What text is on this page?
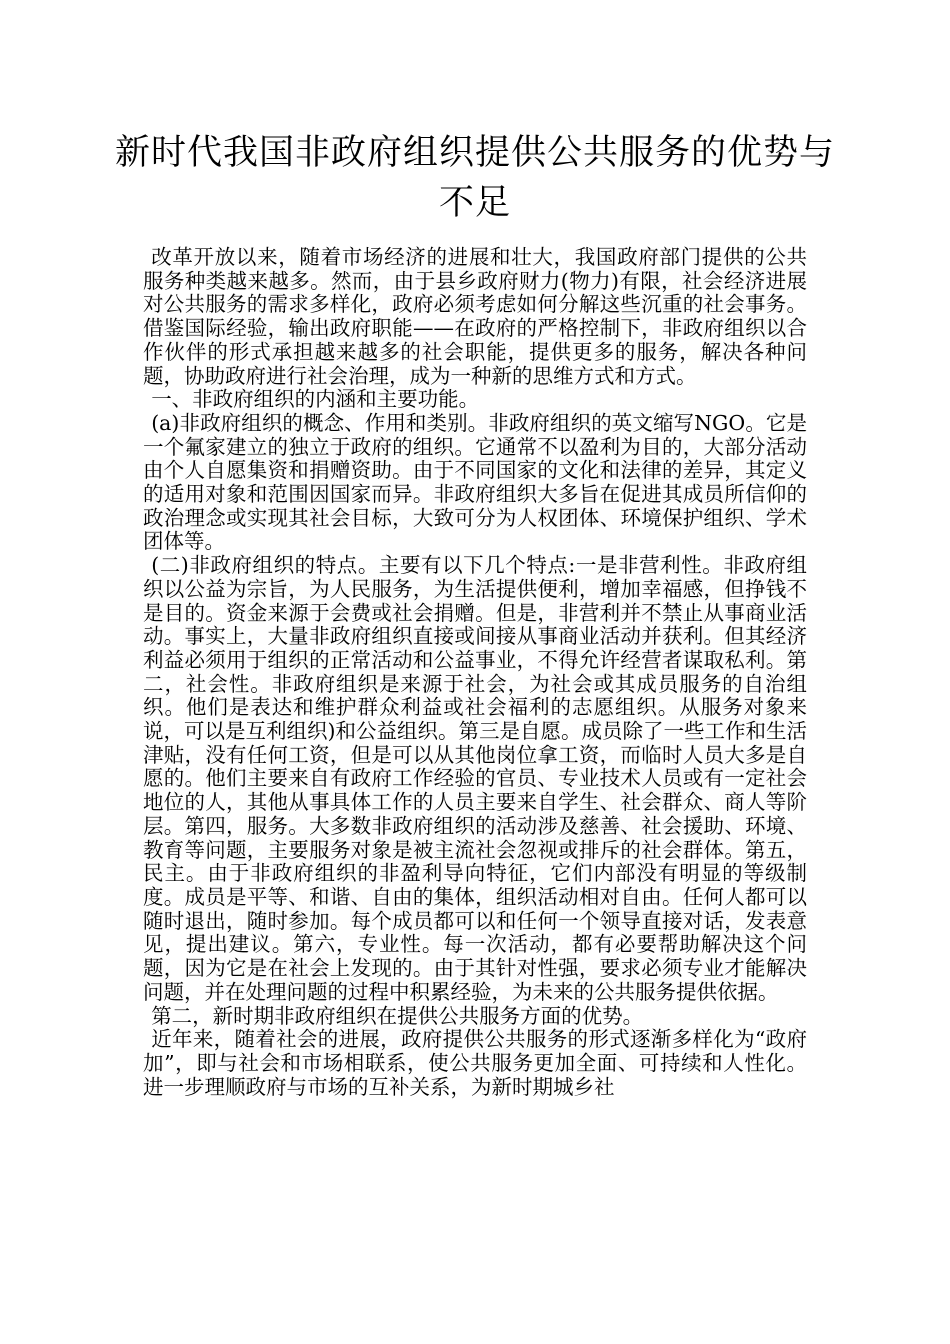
新时代我国非政府组织提供公共服务的优势与不足

改革开放以来，随着市场经济的进展和壮大，我国政府部门提供的公共服务种类越来越多。然而，由于县乡政府财力(物力)有限，社会经济进展对公共服务的需求多样化，政府必须考虑如何分解这些沉重的社会事务。借鉴国际经验，输出政府职能——在政府的严格控制下，非政府组织以合作伙伴的形式承担越来越多的社会职能，提供更多的服务，解决各种问题，协助政府进行社会治理，成为一种新的思维方式和方式。

一、非政府组织的内涵和主要功能。

(a)非政府组织的概念、作用和类别。非政府组织的英文缩写NGO。它是一个氟家建立的独立于政府的组织。它通常不以盈利为目的，大部分活动由个人自愿集资和捐赠资助。由于不同国家的文化和法律的差异，其定义的适用对象和范围因国家而异。非政府组织大多旨在促进其成员所信仰的政治理念或实现其社会目标，大致可分为人权团体、环境保护组织、学术团体等。

(二)非政府组织的特点。主要有以下几个特点:一是非营利性。非政府组织以公益为宗旨，为人民服务，为生活提供便利，增加幸福感，但挣钱不是目的。资金来源于会费或社会捐赠。但是，非营利并不禁止从事商业活动。事实上，大量非政府组织直接或间接从事商业活动并获利。但其经济利益必须用于组织的正常活动和公益事业，不得允许经营者谋取私利。第二，社会性。非政府组织是来源于社会，为社会或其成员服务的自治组织。他们是表达和维护群众利益或社会福利的志愿组织。从服务对象来说，可以是互利组织)和公益组织。第三是自愿。成员除了一些工作和生活津贴，没有任何工资，但是可以从其他岗位拿工资，而临时人员大多是自愿的。他们主要来自有政府工作经验的官员、专业技术人员或有一定社会地位的人，其他从事具体工作的人员主要来自学生、社会群众、商人等阶层。第四，服务。大多数非政府组织的活动涉及慈善、社会援助、环境、教育等问题，主要服务对象是被主流社会忽视或排斥的社会群体。第五，民主。由于非政府组织的非盈利导向特征，它们内部没有明显的等级制度。成员是平等、和谐、自由的集体，组织活动相对自由。任何人都可以随时退出，随时参加。每个成员都可以和任何一个领导直接对话，发表意见，提出建议。第六，专业性。每一次活动，都有必要帮助解决这个问题，因为它是在社会上发现的。由于其针对性强，要求必须专业才能解决问题，并在处理问题的过程中积累经验，为未来的公共服务提供依据。

第二，新时期非政府组织在提供公共服务方面的优势。

近年来，随着社会的进展，政府提供公共服务的形式逐渐多样化为“政府加”，即与社会和市场相联系，使公共服务更加全面、可持续和人性化。进一步理顺政府与市场的互补关系，为新时期城乡社
